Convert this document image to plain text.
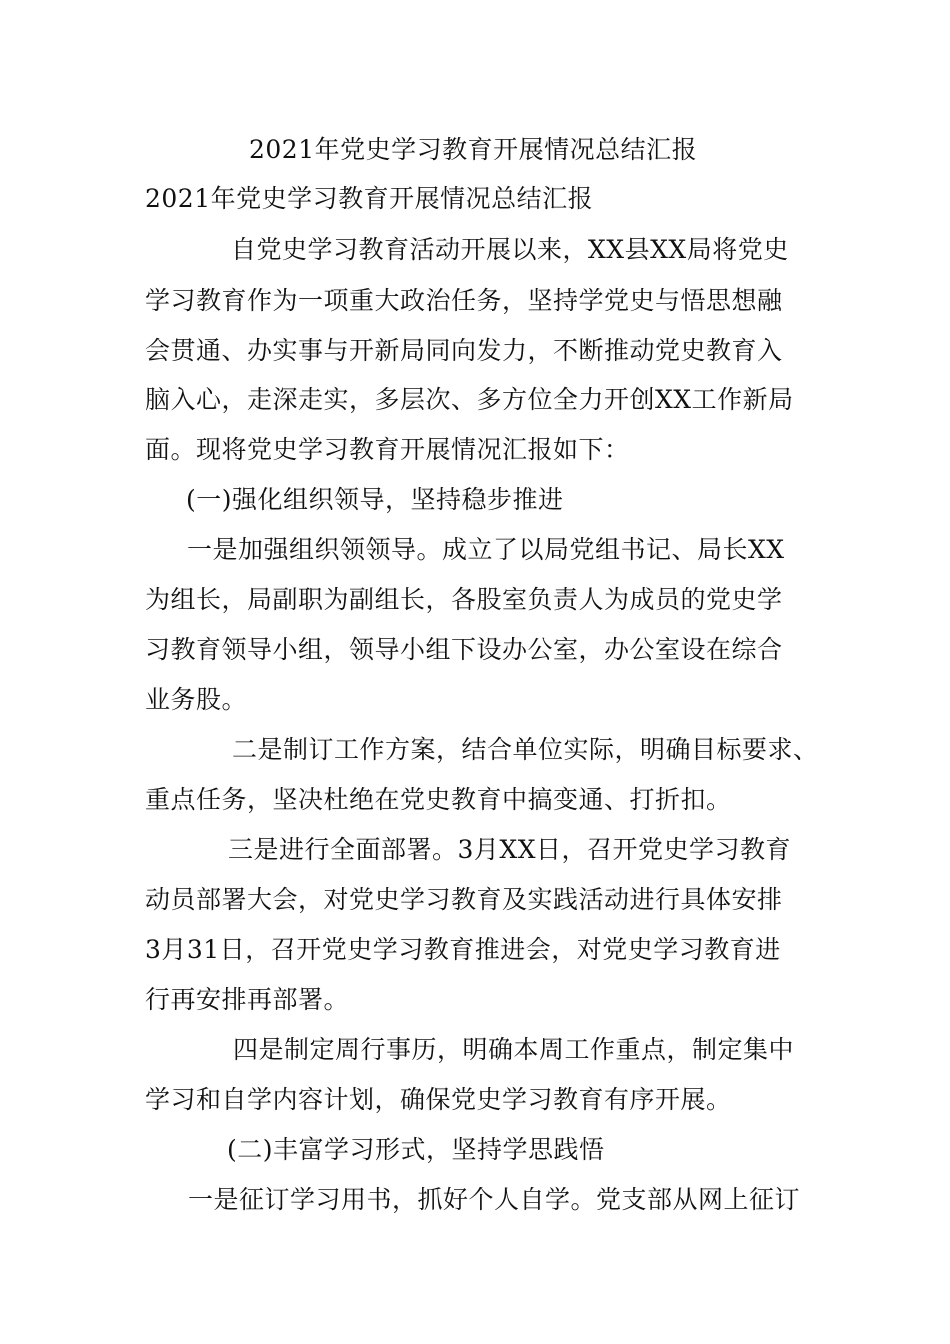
2021年党史学习教育开展情况总结汇报
2021年党史学习教育开展情况总结汇报
自党史学习教育活动开展以来，XX县XX局将党史
学习教育作为一项重大政治任务，坚持学党史与悟思想融
会贯通、办实事与开新局同向发力，不断推动党史教育入
脑入心，走深走实，多层次、多方位全力开创XX工作新局
面。现将党史学习教育开展情况汇报如下：
(一)强化组织领导，坚持稳步推进
一是加强组织领领导。成立了以局党组书记、局长XX
为组长，局副职为副组长，各股室负责人为成员的党史学
习教育领导小组，领导小组下设办公室，办公室设在综合
业务股。
二是制订工作方案，结合单位实际，明确目标要求、
重点任务，坚决杜绝在党史教育中搞变通、打折扣。
三是进行全面部署。3月XX日，召开党史学习教育
动员部署大会，对党史学习教育及实践活动进行具体安排
3月31日，召开党史学习教育推进会，对党史学习教育进
行再安排再部署。
四是制定周行事历，明确本周工作重点，制定集中
学习和自学内容计划，确保党史学习教育有序开展。
(二)丰富学习形式，坚持学思践悟
一是征订学习用书，抓好个人自学。党支部从网上征订
